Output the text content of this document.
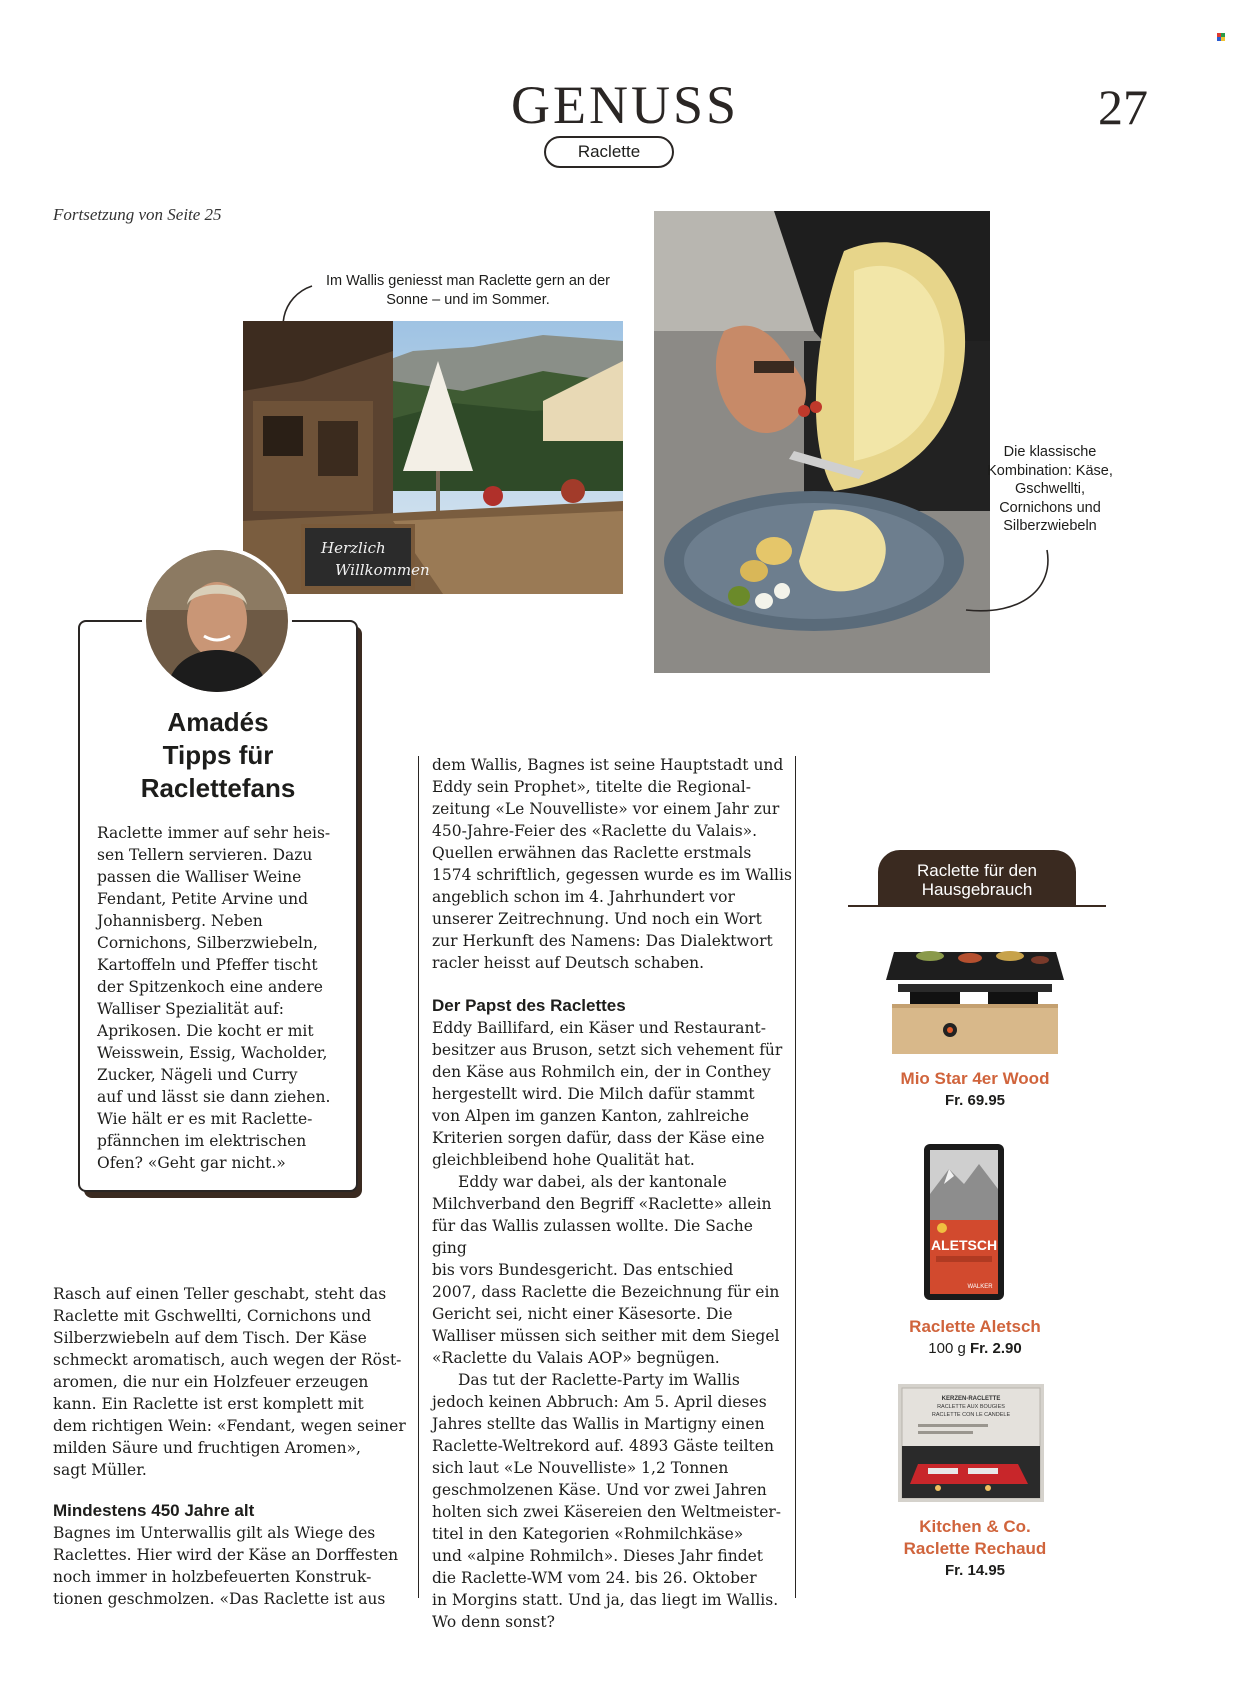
GENUSS	27
Raclette
Fortsetzung von Seite 25
Im Wallis geniesst man Raclette gern an der Sonne – und im Sommer.
Herzlich
Willkommen
Die klassische Kombination: Käse, Gschwellti, Cornichons und Silberzwiebeln
Amadés
Tipps für
Raclettefans
Raclette immer auf sehr heis-
sen Tellern servieren. Dazu
passen die Walliser Weine
Fendant, Petite Arvine und
Johannisberg. Neben
Cornichons, Silberzwiebeln,
Kartoffeln und Pfeffer tischt
der Spitzenkoch eine andere
Walliser Spezialität auf:
Aprikosen. Die kocht er mit
Weisswein, Essig, Wacholder,
Zucker, Nägeli und Curry
auf und lässt sie dann ziehen.
Wie hält er es mit Raclette-
pfännchen im elektrischen
Ofen? «Geht gar nicht.»
Rasch auf einen Teller geschabt, steht das
Raclette mit Gschwellti, Cornichons und
Silberzwiebeln auf dem Tisch. Der Käse
schmeckt aromatisch, auch wegen der Röst-
aromen, die nur ein Holzfeuer erzeugen
kann. Ein Raclette ist erst komplett mit
dem richtigen Wein: «Fendant, wegen seiner
milden Säure und fruchtigen Aromen»,
sagt Müller.
Mindestens 450 Jahre alt
Bagnes im Unterwallis gilt als Wiege des
Raclettes. Hier wird der Käse an Dorffesten
noch immer in holzbefeuerten Konstruk-
tionen geschmolzen. «Das Raclette ist aus
dem Wallis, Bagnes ist seine Hauptstadt und
Eddy sein Prophet», titelte die Regional-
zeitung «Le Nouvelliste» vor einem Jahr zur
450-Jahre-Feier des «Raclette du Valais».
Quellen erwähnen das Raclette erstmals
1574 schriftlich, gegessen wurde es im Wallis
angeblich schon im 4. Jahrhundert vor
unserer Zeitrechnung. Und noch ein Wort
zur Herkunft des Namens: Das Dialektwort
racler heisst auf Deutsch schaben.
Der Papst des Raclettes
Eddy Baillifard, ein Käser und Restaurant-
besitzer aus Bruson, setzt sich vehement für
den Käse aus Rohmilch ein, der in Conthey
hergestellt wird. Die Milch dafür stammt
von Alpen im ganzen Kanton, zahlreiche
Kriterien sorgen dafür, dass der Käse eine
gleichbleibend hohe Qualität hat.
Eddy war dabei, als der kantonale
Milchverband den Begriff «Raclette» allein
für das Wallis zulassen wollte. Die Sache ging
bis vors Bundesgericht. Das entschied
2007, dass Raclette die Bezeichnung für ein
Gericht sei, nicht einer Käsesorte. Die
Walliser müssen sich seither mit dem Siegel
«Raclette du Valais AOP» begnügen.
Das tut der Raclette-Party im Wallis
jedoch keinen Abbruch: Am 5. April dieses
Jahres stellte das Wallis in Martigny einen
Raclette-Weltrekord auf. 4893 Gäste teilten
sich laut «Le Nouvelliste» 1,2 Tonnen
geschmolzenen Käse. Und vor zwei Jahren
holten sich zwei Käsereien den Weltmeister-
titel in den Kategorien «Rohmilchkäse»
und «alpine Rohmilch». Dieses Jahr findet
die Raclette-WM vom 24. bis 26. Oktober
in Morgins statt. Und ja, das liegt im Wallis.
Wo denn sonst?
Raclette für den
Hausgebrauch
Mio Star 4er Wood
Fr. 69.95
ALETSCH
WALKER
Raclette Aletsch
100 g Fr. 2.90
KERZEN-RACLETTE
RACLETTE AUX BOUGIES
RACLETTE CON LE CANDELE
Kitchen & Co.
Raclette Rechaud
Fr. 14.95
